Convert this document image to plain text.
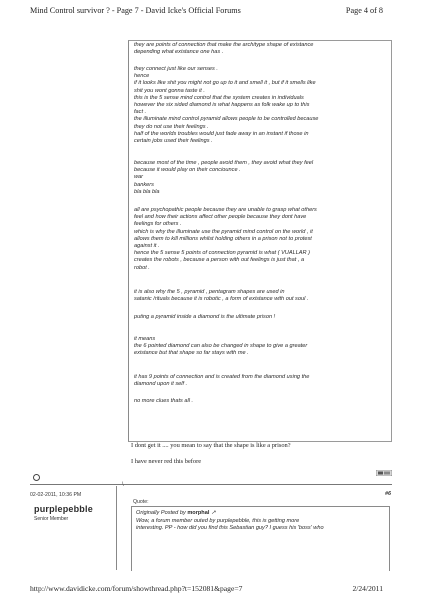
Mind Control survivor ? - Page 7 - David Icke's Official Forums	Page 4 of 8
they are points of connection that make the architype shape of existance
depending what existance one has .
they connect just like our senses .
hence
if it looks like shit you might not go up to it and smell it , but if it smells like
shit you wont gonna taste it .
this is the 5 sense mind control that the system creates in individuals
however the six sided diamond is what happens as folk wake up to this
fact .
the illuminate mind control pyramid allows people to be controlled because
they do not use their feelings .
half of the worlds troubles would just fade away in an instant if those in
certain jobs used their feelings .
because most of the time , people avoid them , they avoid what they feel
because it would play on their conciounce .
war
bankers
bla bla bla
all are psychopathic people because they are unable to grasp what others
feel and how their actions affect other people because they dont have
feelings for others .
which is why the illuminate use the pyramid mind control on the world , it
allows them to kill millions whilst holding others in a prison not to protest
against it .
hence the 5 sense 5 points of connection pyramid is what ( VUALLAR )
creates the robots , because a person with out feelings is just that , a
robot .
it is also why the 5 , pyramid , pentagram shapes are used in
satanic /rituals because it is robotic , a form of existance with out soul .
puting a pyramid inside a diamond is the ultimate prison !
it means
the 6 pointed diamond can also be changed in shape to give a greater
existance but that shape so far stays with me .
it has 9 points of connection and is created from the diamond using the
diamond upon it self .
no more clues thats all .
I dont get it .... you mean to say that the shape is like a prison?
I have never red this before
02-02-2011, 10:36 PM	#6
purplepebble
Senior Member
\
Quote:
Originally Posted by morphal ↗
Wow, a forum member outed by purplepebble, this is getting more
interesting. PP - how did you find this Sebastian guy? I guess his 'boss' who
http://www.davidicke.com/forum/showthread.php?t=152081&page=7	2/24/2011
